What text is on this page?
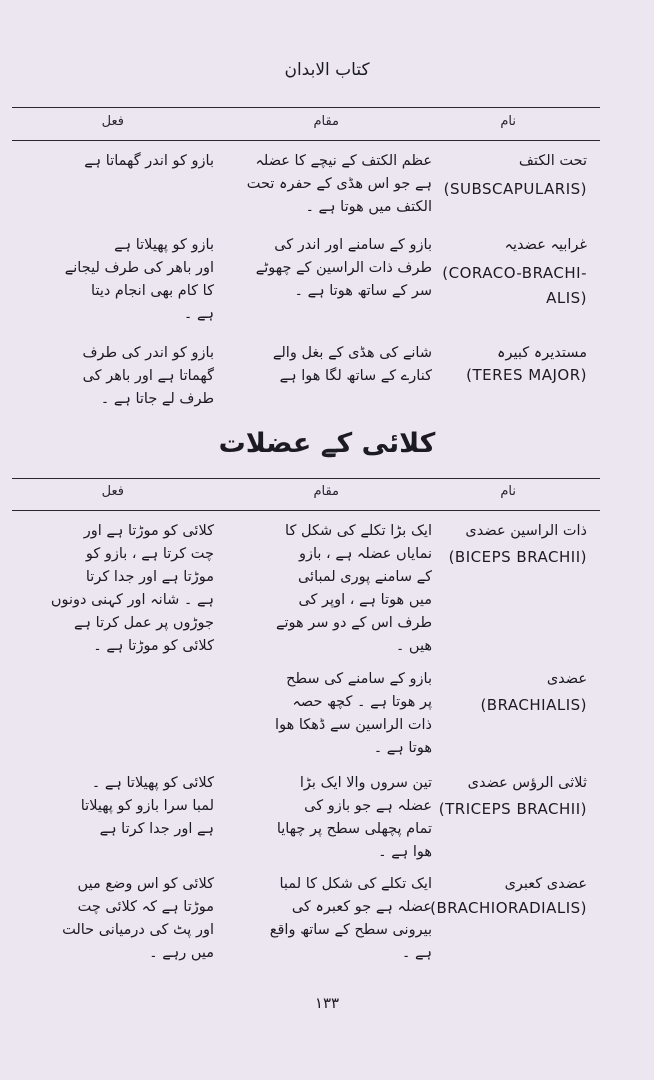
کتاب الابدان
نام
مقام
فعل
تحت الکتف
(SUBSCAPULARIS)
عظم الکتف کے نیچے کا عضلہ
ہے جو اس ھڈی کے حفرہ تحت
الکتف میں ھوتا ہے ۔
بازو کو اندر گھماتا ہے
غرابیہ عضدیہ
(CORACO-BRACHI-
ALIS)
بازو کے سامنے اور اندر کی
طرف ذات الراسین کے چھوٹے
سر کے ساتھ ھوتا ہے ۔
بازو کو پھیلاتا ہے
اور باھر کی طرف لیجانے
کا کام بھی انجام دیتا
ہے ۔
مستدیرہ کبیرہ
(TERES MAJOR)
شانے کی ھڈی کے بغل والے
کنارے کے ساتھ لگا ھوا ہے
بازو کو اندر کی طرف
گھماتا ہے اور باھر کی
طرف لے جاتا ہے ۔
کلائی کے عضلات
نام
مقام
فعل
ذات الراسین عضدی
(BICEPS BRACHII)
ایک بڑا تکلے کی شکل کا
نمایاں عضلہ ہے ، بازو
کے سامنے پوری لمبائی
میں ھوتا ہے ، اوپر کی
طرف اس کے دو سر ھوتے
ھیں ۔
کلائی کو موڑتا ہے اور
چت کرتا ہے ، بازو کو
موڑتا ہے اور جدا کرتا
ہے ۔ شانہ اور کہنی دونوں
جوڑوں پر عمل کرتا ہے
کلائی کو موڑتا ہے ۔
عضدی
(BRACHIALIS)
بازو کے سامنے کی سطح
پر ھوتا ہے ۔ کچھ حصہ
ذات الراسین سے ڈھکا ھوا
ھوتا ہے ۔
ثلاثی الرؤس عضدی
(TRICEPS BRACHII)
تین سروں والا ایک بڑا
عضلہ ہے جو بازو کی
تمام پچھلی سطح پر چھایا
ھوا ہے ۔
کلائی کو پھیلاتا ہے ۔
لمبا سرا بازو کو پھیلاتا
ہے اور جدا کرتا ہے
عضدی کعبری
(BRACHIORADIALIS)
ایک تکلے کی شکل کا لمبا
عضلہ ہے جو کعبرہ کی
بیرونی سطح کے ساتھ واقع
ہے ۔
کلائی کو اس وضع میں
موڑتا ہے کہ کلائی چت
اور پٹ کی درمیانی حالت
میں رہے ۔
۱۳۳
